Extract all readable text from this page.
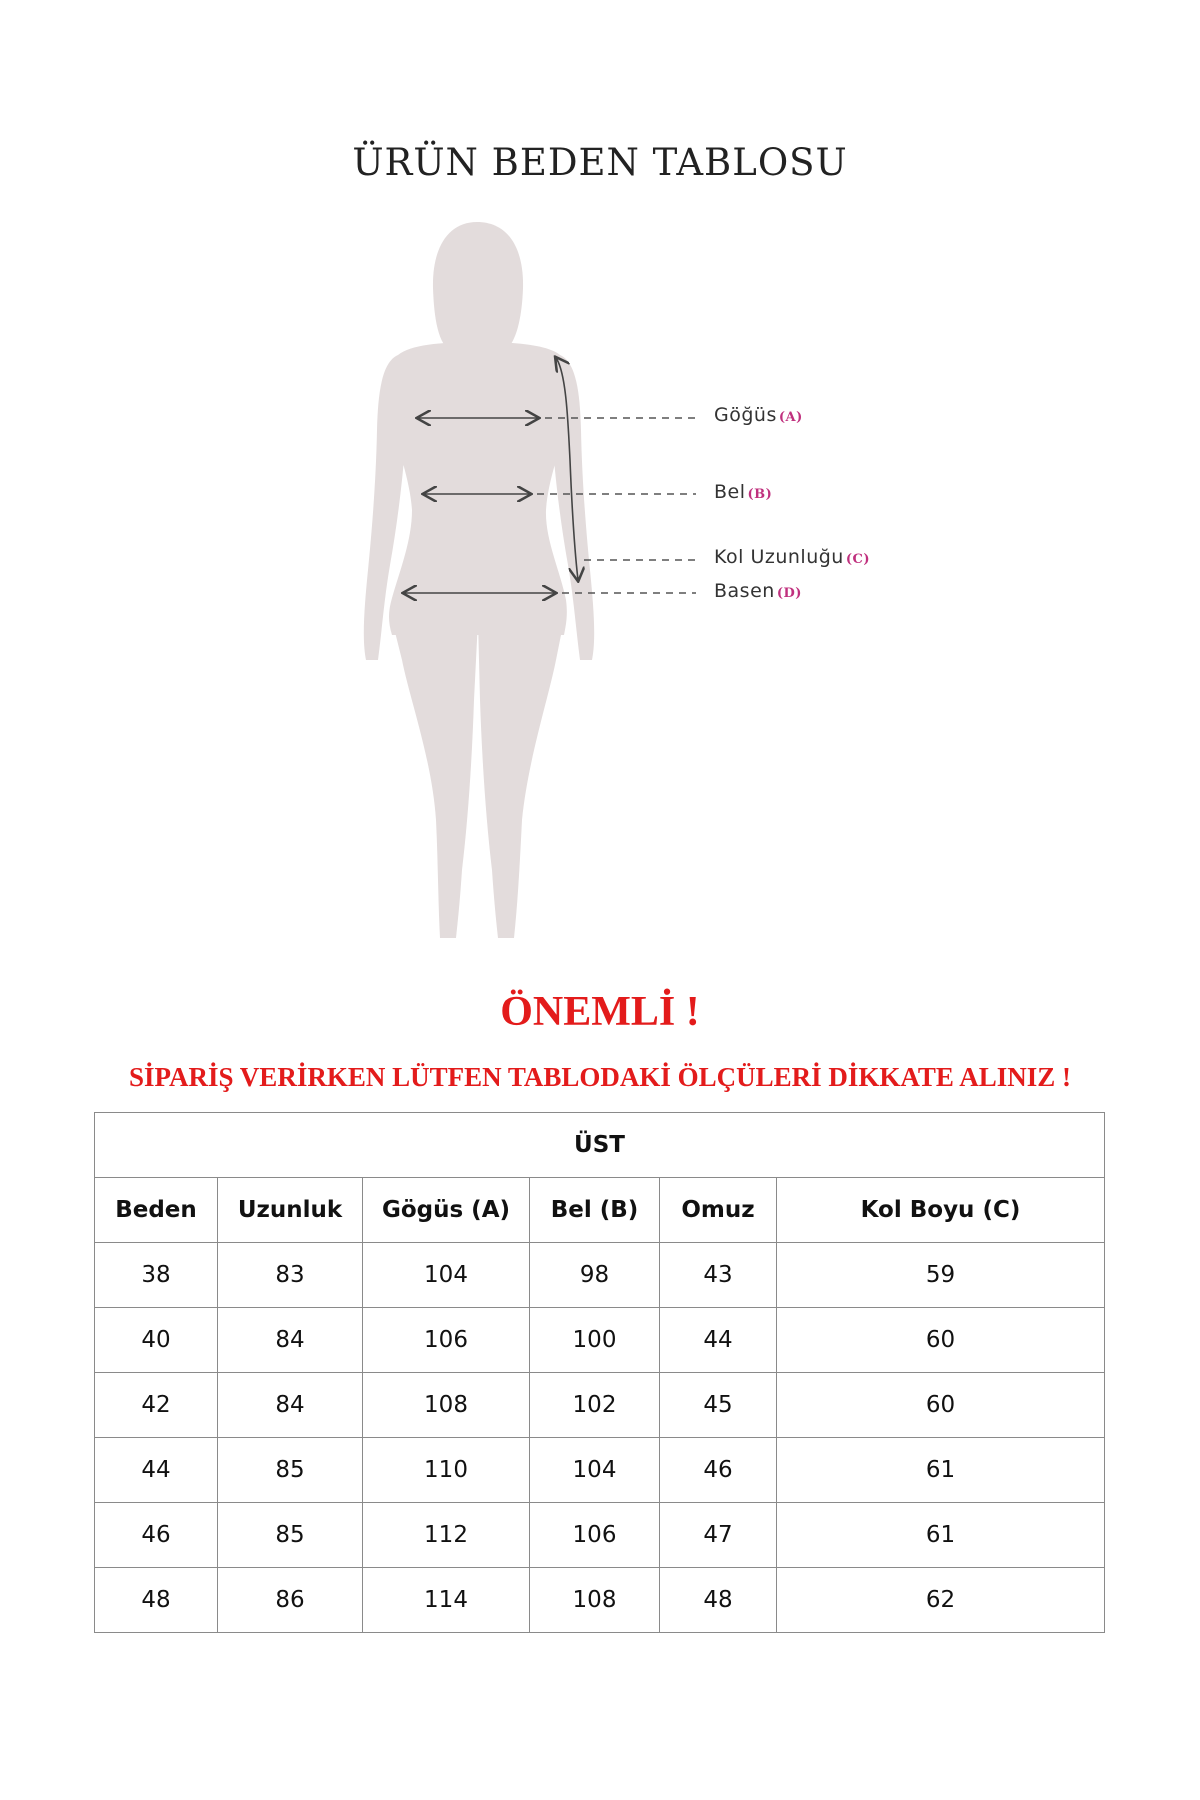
ÜRÜN BEDEN TABLOSU
Göğüs (A)
Bel (B)
Kol Uzunluğu (C)
Basen (D)
ÖNEMLİ !
SİPARİŞ VERİRKEN LÜTFEN TABLODAKİ ÖLÇÜLERİ DİKKATE ALINIZ !
ÜST					
Beden	Uzunluk	Gögüs (A)	Bel (B)	Omuz	Kol Boyu (C)
38	83	104	98	43	59
40	84	106	100	44	60
42	84	108	102	45	60
44	85	110	104	46	61
46	85	112	106	47	61
48	86	114	108	48	62
